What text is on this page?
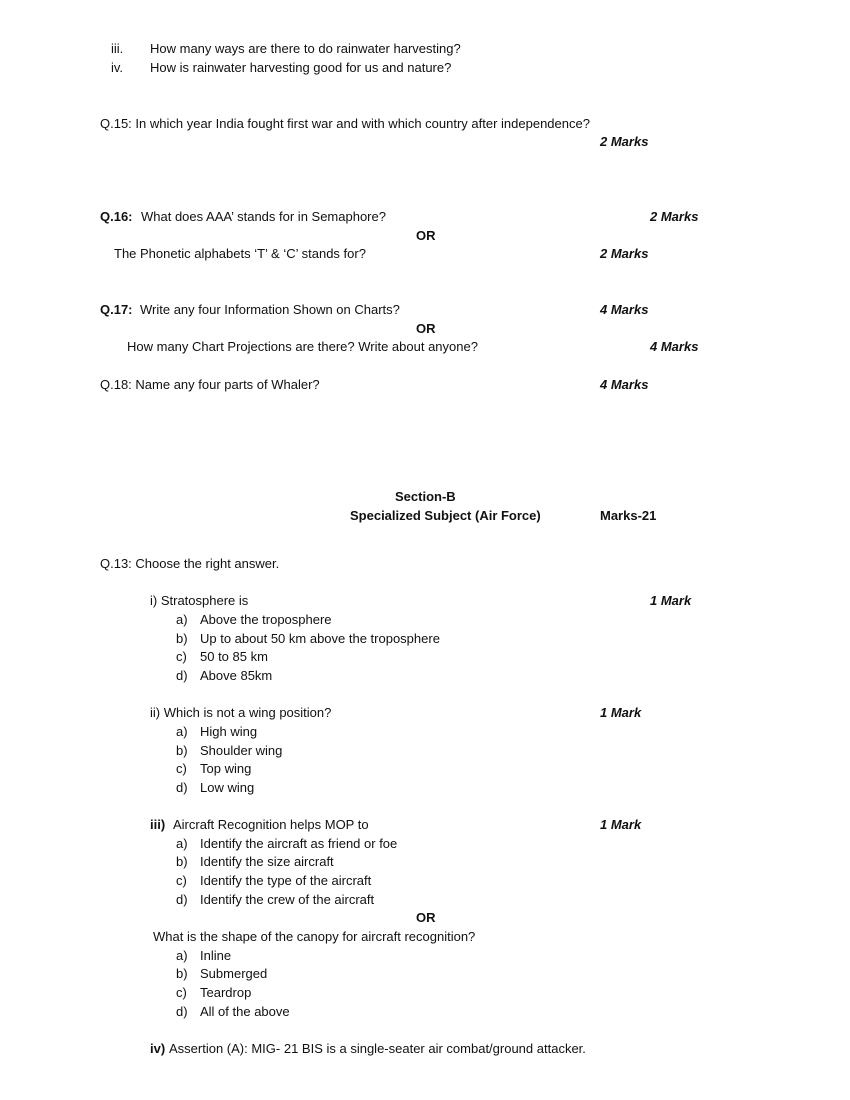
iii. How many ways are there to do rainwater harvesting?
iv. How is rainwater harvesting good for us and nature?
Q.15: In which year India fought first war and with which country after independence?
2 Marks
Q.16: What does AAA’ stands for in Semaphore?	2 Marks
OR
The Phonetic alphabets ‘T’ & ‘C’ stands for?	2 Marks
Q.17: Write any four Information Shown on Charts?	4 Marks
OR
How many Chart Projections are there? Write about anyone?	4 Marks
Q.18: Name any four parts of Whaler?	4 Marks
Section-B
Specialized Subject (Air Force)	Marks-21
Q.13: Choose the right answer.
i) Stratosphere is	1 Mark
a) Above the troposphere
b) Up to about 50 km above the troposphere
c) 50 to 85 km
d) Above 85km
ii) Which is not a wing position?	1 Mark
a) High wing
b) Shoulder wing
c) Top wing
d) Low wing
iii) Aircraft Recognition helps MOP to	1 Mark
a) Identify the aircraft as friend or foe
b) Identify the size aircraft
c) Identify the type of the aircraft
d) Identify the crew of the aircraft
OR
What is the shape of the canopy for aircraft recognition?
a) Inline
b) Submerged
c) Teardrop
d) All of the above
iv) Assertion (A): MIG- 21 BIS is a single-seater air combat/ground attacker.
